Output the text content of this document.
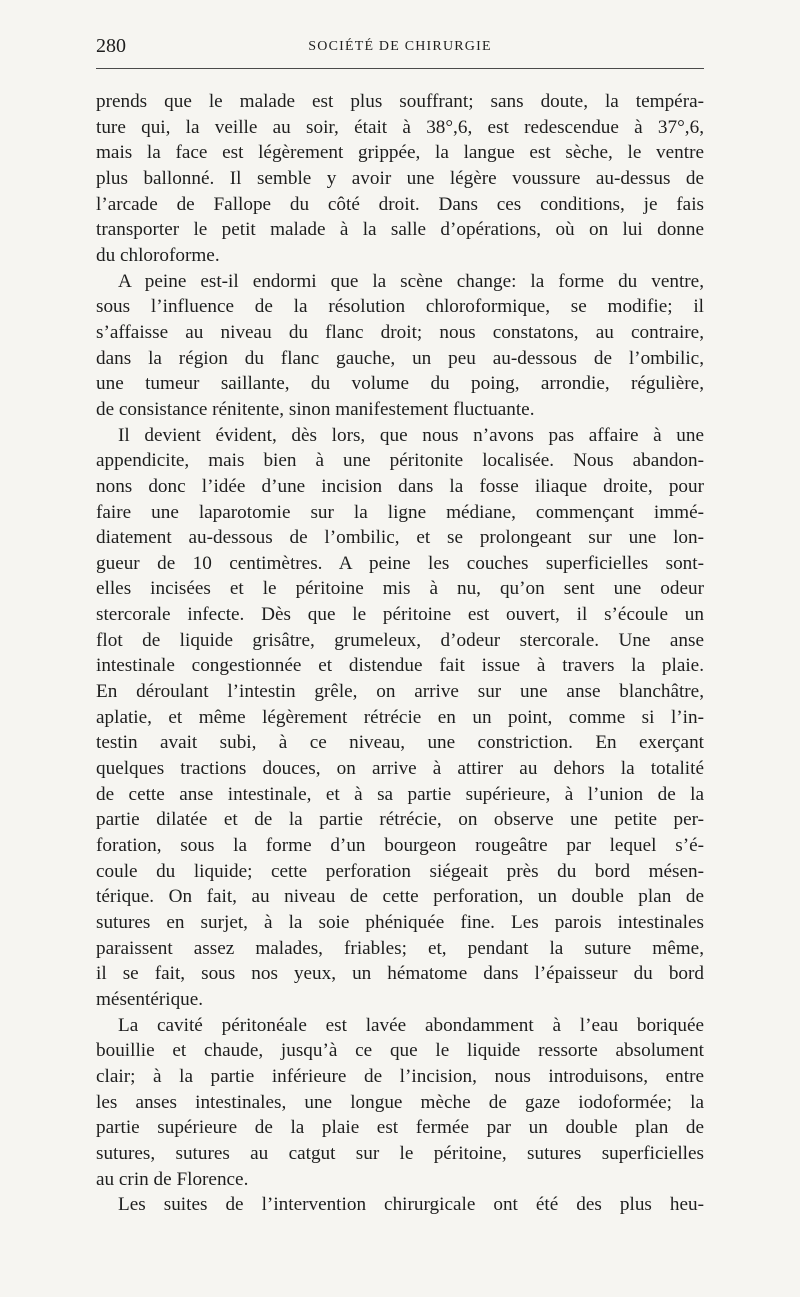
280	SOCIÉTÉ DE CHIRURGIE

prends que le malade est plus souffrant; sans doute, la tempéra-

ture qui, la veille au soir, était à 38°,6, est redescendue à 37°,6,

mais la face est légèrement grippée, la langue est sèche, le ventre

plus ballonné. Il semble y avoir une légère voussure au-dessus de

l’arcade de Fallope du côté droit. Dans ces conditions, je fais

transporter le petit malade à la salle d’opérations, où on lui donne

du chloroforme.

A peine est-il endormi que la scène change: la forme du ventre,

sous l’influence de la résolution chloroformique, se modifie; il

s’affaisse au niveau du flanc droit; nous constatons, au contraire,

dans la région du flanc gauche, un peu au-dessous de l’ombilic,

une tumeur saillante, du volume du poing, arrondie, régulière,

de consistance rénitente, sinon manifestement fluctuante.

Il devient évident, dès lors, que nous n’avons pas affaire à une

appendicite, mais bien à une péritonite localisée. Nous abandon-

nons donc l’idée d’une incision dans la fosse iliaque droite, pour

faire une laparotomie sur la ligne médiane, commençant immé-

diatement au-dessous de l’ombilic, et se prolongeant sur une lon-

gueur de 10 centimètres. A peine les couches superficielles sont-

elles incisées et le péritoine mis à nu, qu’on sent une odeur

stercorale infecte. Dès que le péritoine est ouvert, il s’écoule un

flot de liquide grisâtre, grumeleux, d’odeur stercorale. Une anse

intestinale congestionnée et distendue fait issue à travers la plaie.

En déroulant l’intestin grêle, on arrive sur une anse blanchâtre,

aplatie, et même légèrement rétrécie en un point, comme si l’in-

testin avait subi, à ce niveau, une constriction. En exerçant

quelques tractions douces, on arrive à attirer au dehors la totalité

de cette anse intestinale, et à sa partie supérieure, à l’union de la

partie dilatée et de la partie rétrécie, on observe une petite per-

foration, sous la forme d’un bourgeon rougeâtre par lequel s’é-

coule du liquide; cette perforation siégeait près du bord mésen-

térique. On fait, au niveau de cette perforation, un double plan de

sutures en surjet, à la soie phéniquée fine. Les parois intestinales

paraissent assez malades, friables; et, pendant la suture même,

il se fait, sous nos yeux, un hématome dans l’épaisseur du bord

mésentérique.

La cavité péritonéale est lavée abondamment à l’eau boriquée

bouillie et chaude, jusqu’à ce que le liquide ressorte absolument

clair; à la partie inférieure de l’incision, nous introduisons, entre

les anses intestinales, une longue mèche de gaze iodoformée; la

partie supérieure de la plaie est fermée par un double plan de

sutures, sutures au catgut sur le péritoine, sutures superficielles

au crin de Florence.

Les suites de l’intervention chirurgicale ont été des plus heu-
